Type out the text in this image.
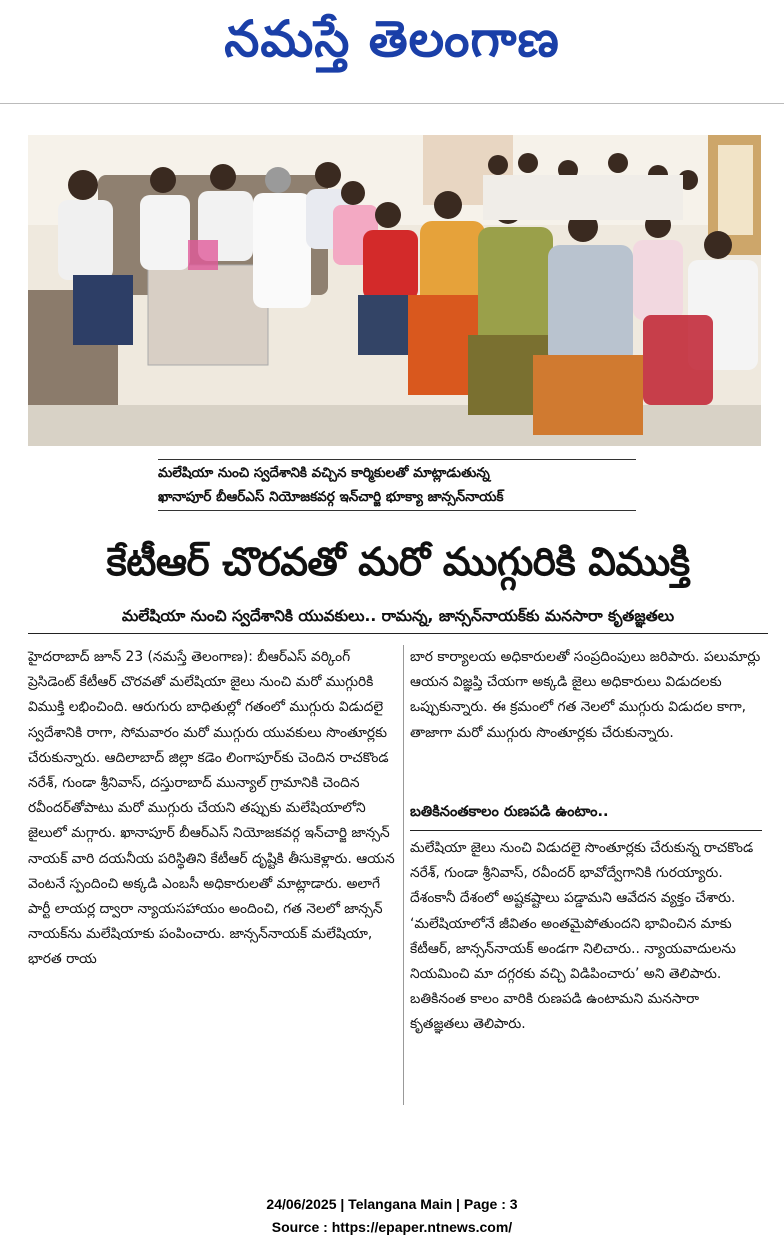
నమస్తే తెలంగాణ
మలేషియా నుంచి స్వదేశానికి వచ్చిన కార్మికులతో మాట్లాడుతున్న
ఖానాపూర్ బీఆర్ఎస్ నియోజకవర్గ ఇన్‌చార్జి భూక్యా జాన్సన్‌నాయక్
కేటీఆర్ చొరవతో మరో ముగ్గురికి విముక్తి
మలేషియా నుంచి స్వదేశానికి యువకులు.. రామన్న, జాన్సన్‌నాయక్‌కు మనసారా కృతజ్ఞతలు

హైదరాబాద్ జూన్ 23 (నమస్తే తెలంగాణ): బీఆర్ఎస్ వర్కింగ్ ప్రెసిడెంట్ కేటీఆర్ చొరవతో మలేషియా జైలు నుంచి మరో ముగ్గురికి విముక్తి లభించింది. ఆరుగురు బాధితుల్లో గతంలో ముగ్గురు విడుదలై స్వదేశానికి రాగా, సోమవారం మరో ముగ్గురు యువకులు సొంతూర్లకు చేరుకున్నారు. ఆదిలాబాద్ జిల్లా కడెం లింగాపూర్‌కు చెందిన రాచకొండ నరేశ్, గుండా శ్రీనివాస్, దస్తురాబాద్ మున్యాల్ గ్రామానికి చెందిన రవీందర్‌తోపాటు మరో ముగ్గురు చేయని తప్పుకు మలేషియాలోని జైలులో మగ్గారు. ఖానాపూర్ బీఆర్ఎస్ నియోజకవర్గ ఇన్‌చార్జి జాన్సన్ నాయక్ వారి దయనీయ పరిస్థితిని కేటీఆర్ దృష్టికి తీసుకెళ్లారు. ఆయన వెంటనే స్పందించి అక్కడి ఎంబసీ అధికారులతో మాట్లాడారు. అలాగే పార్టీ లాయర్ల ద్వారా న్యాయసహాయం అందించి, గత నెలలో జాన్సన్ నాయక్‌ను మలేషియాకు పంపించారు. జాన్సన్‌నాయక్ మలేషియా, భారత రాయ

బార కార్యాలయ అధికారులతో సంప్రదింపులు జరిపారు. పలుమార్లు ఆయన విజ్ఞప్తి చేయగా అక్కడి జైలు అధికారులు విడుదలకు ఒప్పుకున్నారు. ఈ క్రమంలో గత నెలలో ముగ్గురు విడుదల కాగా, తాజాగా మరో ముగ్గురు సొంతూర్లకు చేరుకున్నారు.

బతికినంతకాలం రుణపడి ఉంటాం..

మలేషియా జైలు నుంచి విడుదలై సొంతూర్లకు చేరుకున్న రాచకొండ నరేశ్, గుండా శ్రీనివాస్, రవీందర్ భావోద్వేగానికి గురయ్యారు. దేశంకానీ దేశంలో అష్టకష్టాలు పడ్డామని ఆవేదన వ్యక్తం చేశారు. ‘మలేషియాలోనే జీవితం అంతమైపోతుందని భావించిన మాకు కేటీఆర్, జాన్సన్‌నాయక్ అండగా నిలిచారు.. న్యాయవాదులను నియమించి మా దగ్గరకు వచ్చి విడిపించారు’ అని తెలిపారు. బతికినంత కాలం వారికి రుణపడి ఉంటామని మనసారా కృతజ్ఞతలు తెలిపారు.

24/06/2025 | Telangana Main | Page : 3
Source : https://epaper.ntnews.com/
